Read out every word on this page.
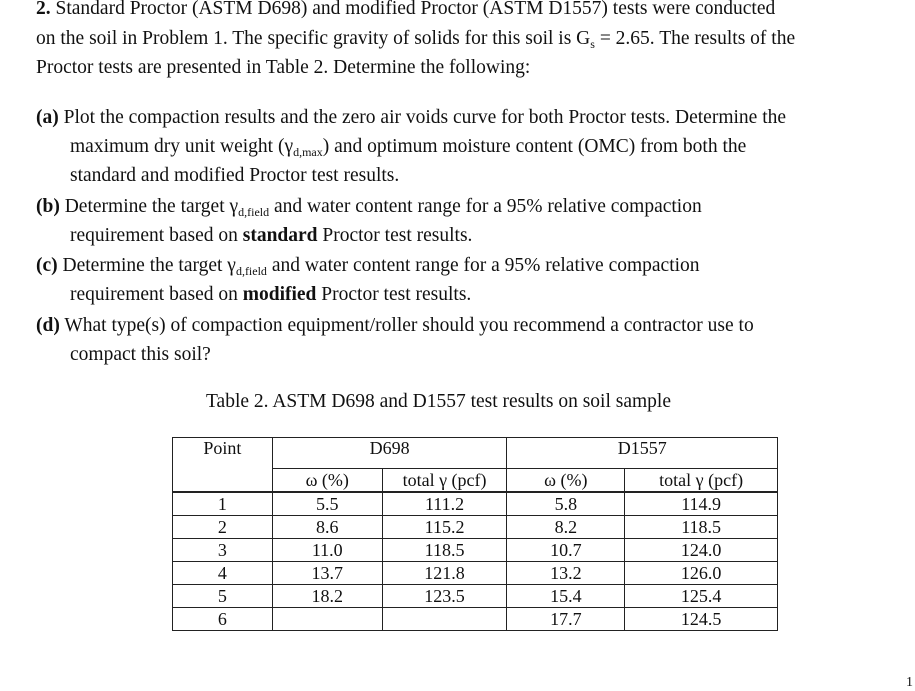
2. Standard Proctor (ASTM D698) and modified Proctor (ASTM D1557) tests were conducted
on the soil in Problem 1. The specific gravity of solids for this soil is $G_s = 2.65$. The results of the
Proctor tests are presented in Table 2. Determine the following:
(a) Plot the compaction results and the zero air voids curve for both Proctor tests. Determine the
maximum dry unit weight $(\gamma_{d,max})$ and optimum moisture content (OMC) from both the
standard and modified Proctor test results.
(b) Determine the target $\gamma_{d,field}$ and water content range for a 95% relative compaction
requirement based on standard Proctor test results.
(c) Determine the target $\gamma_{d,field}$ and water content range for a 95% relative compaction
requirement based on modified Proctor test results.
(d) What type(s) of compaction equipment/roller should you recommend a contractor use to
compact this soil?
Table 2. ASTM D698 and D1557 test results on soil sample
Point	D698		D1557	
	ω (%)	total γ (pcf)	ω (%)	total γ (pcf)
1	5.5	111.2	5.8	114.9
2	8.6	115.2	8.2	118.5
3	11.0	118.5	10.7	124.0
4	13.7	121.8	13.2	126.0
5	18.2	123.5	15.4	125.4
6			17.7	124.5
1
